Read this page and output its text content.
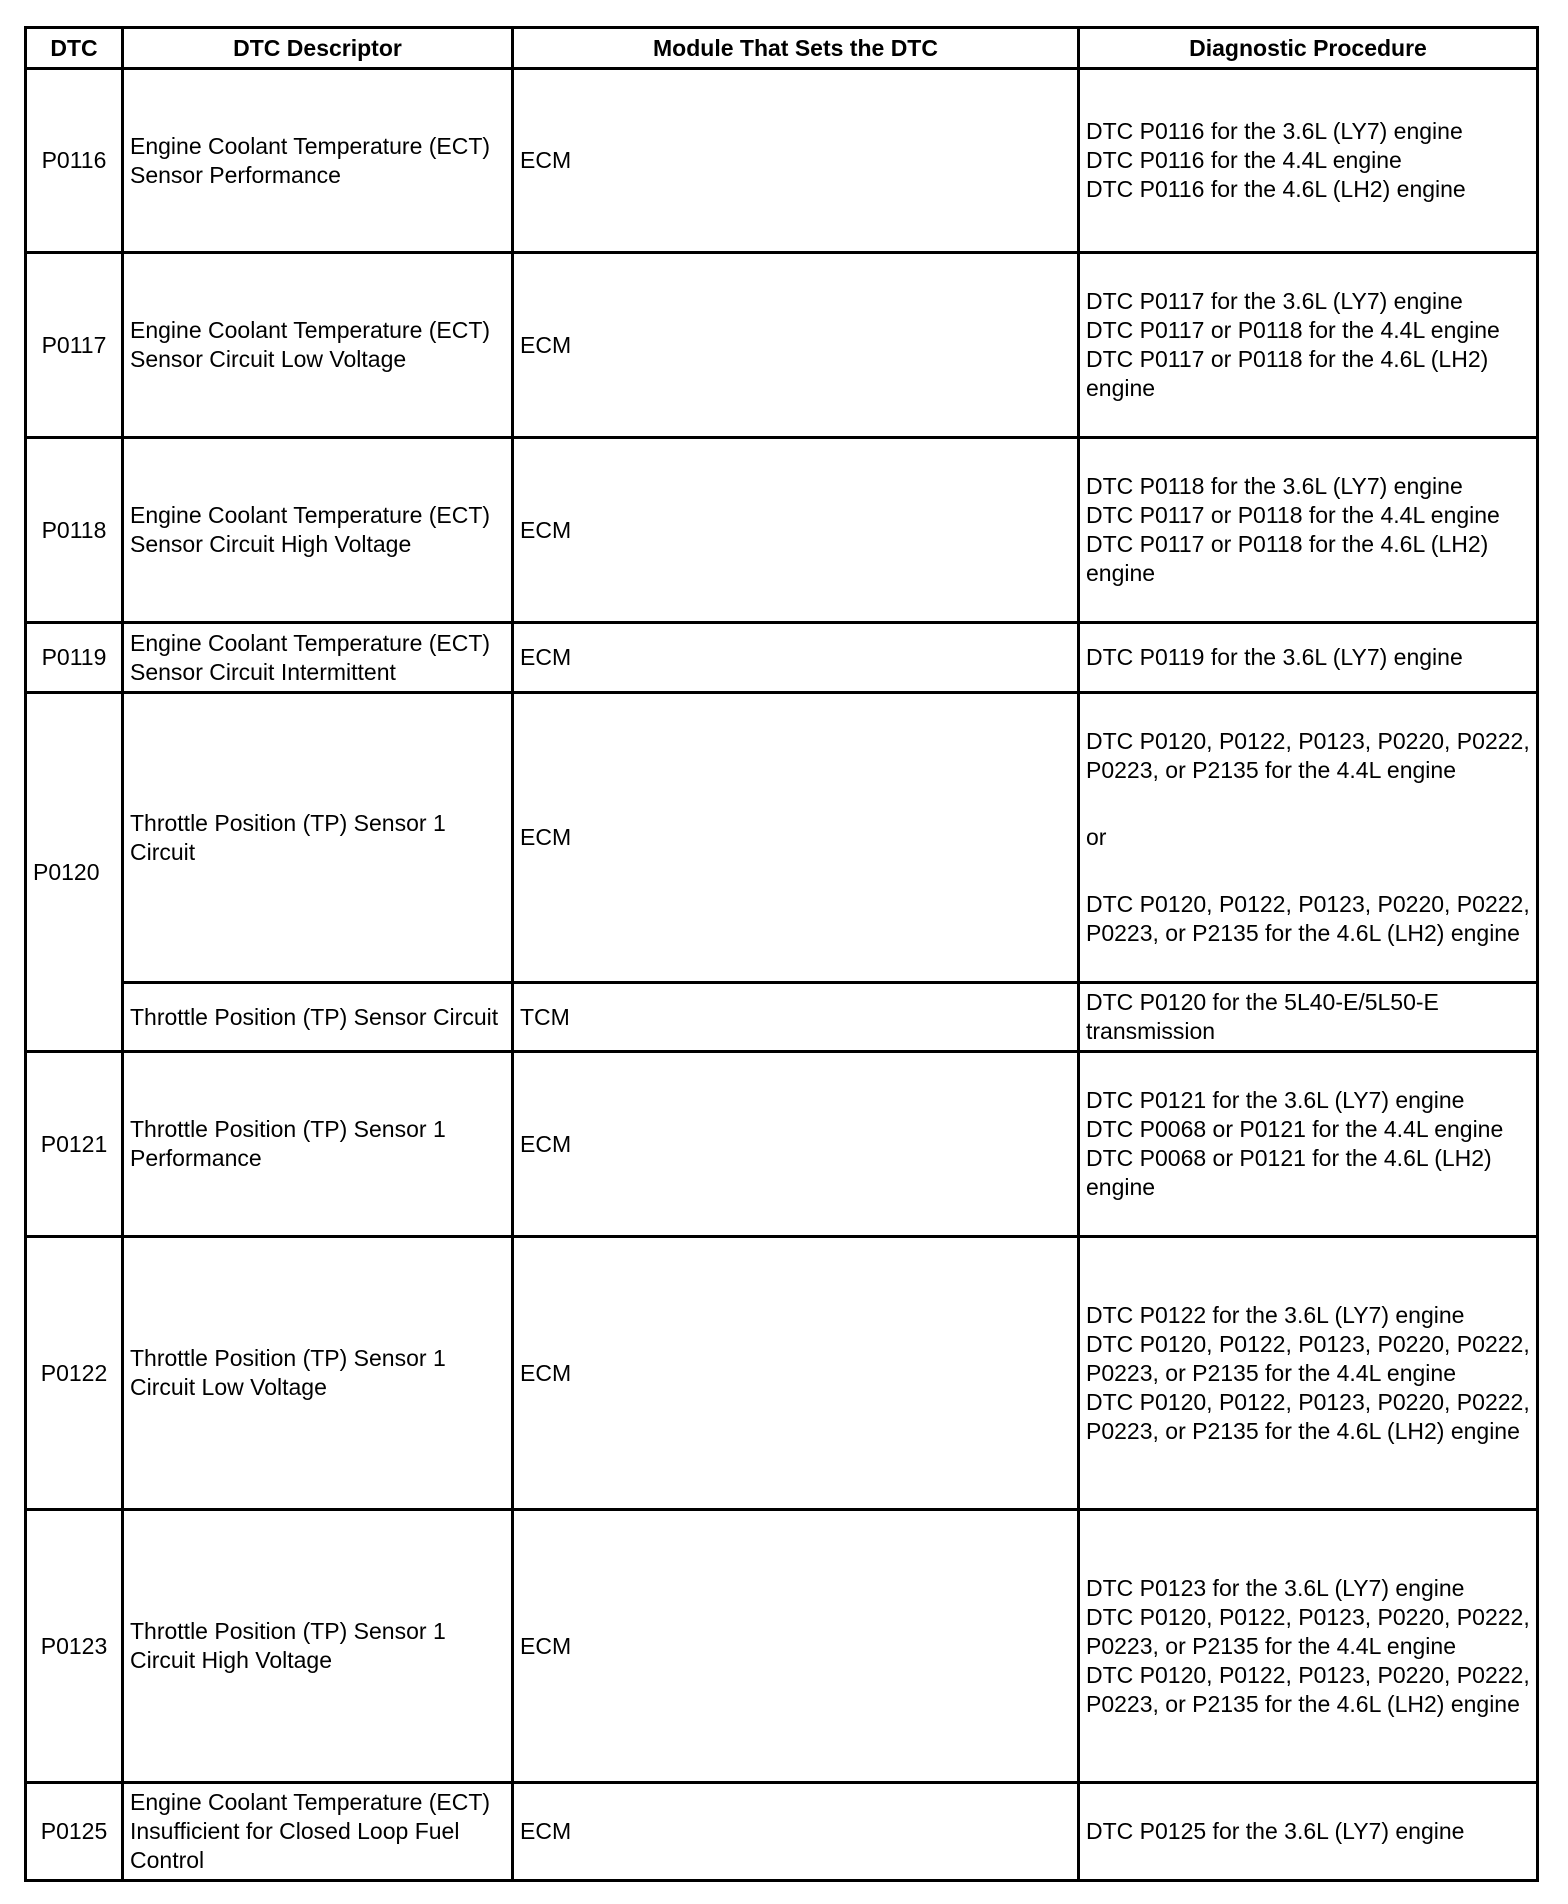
DTC	DTC Descriptor	Module That Sets the DTC	Diagnostic Procedure
P0116	Engine Coolant Temperature (ECT) Sensor Performance	ECM	DTC P0116 for the 3.6L (LY7) engine
DTC P0116 for the 4.4L engine
DTC P0116 for the 4.6L (LH2) engine

P0117	Engine Coolant Temperature (ECT) Sensor Circuit Low Voltage	ECM	DTC P0117 for the 3.6L (LY7) engine
DTC P0117 or P0118 for the 4.4L engine
DTC P0117 or P0118 for the 4.6L (LH2) engine

P0118	Engine Coolant Temperature (ECT) Sensor Circuit High Voltage	ECM	DTC P0118 for the 3.6L (LY7) engine
DTC P0117 or P0118 for the 4.4L engine
DTC P0117 or P0118 for the 4.6L (LH2) engine

P0119	Engine Coolant Temperature (ECT) Sensor Circuit Intermittent	ECM	DTC P0119 for the 3.6L (LY7) engine
P0120	Throttle Position (TP) Sensor 1 Circuit	ECM	DTC P0120, P0122, P0123, P0220, P0222, P0223, or P2135 for the 4.4L engine
or
DTC P0120, P0122, P0123, P0220, P0222, P0223, or P2135 for the 4.6L (LH2) engine

	Throttle Position (TP) Sensor Circuit	TCM	DTC P0120 for the 5L40-E/5L50-E transmission
P0121	Throttle Position (TP) Sensor 1 Performance	ECM	DTC P0121 for the 3.6L (LY7) engine
DTC P0068 or P0121 for the 4.4L engine
DTC P0068 or P0121 for the 4.6L (LH2) engine

P0122	Throttle Position (TP) Sensor 1 Circuit Low Voltage	ECM	DTC P0122 for the 3.6L (LY7) engine
DTC P0120, P0122, P0123, P0220, P0222, P0223, or P2135 for the 4.4L engine
DTC P0120, P0122, P0123, P0220, P0222, P0223, or P2135 for the 4.6L (LH2) engine

P0123	Throttle Position (TP) Sensor 1 Circuit High Voltage	ECM	DTC P0123 for the 3.6L (LY7) engine
DTC P0120, P0122, P0123, P0220, P0222, P0223, or P2135 for the 4.4L engine
DTC P0120, P0122, P0123, P0220, P0222, P0223, or P2135 for the 4.6L (LH2) engine

P0125	Engine Coolant Temperature (ECT) Insufficient for Closed Loop Fuel Control	ECM	DTC P0125 for the 3.6L (LY7) engine
